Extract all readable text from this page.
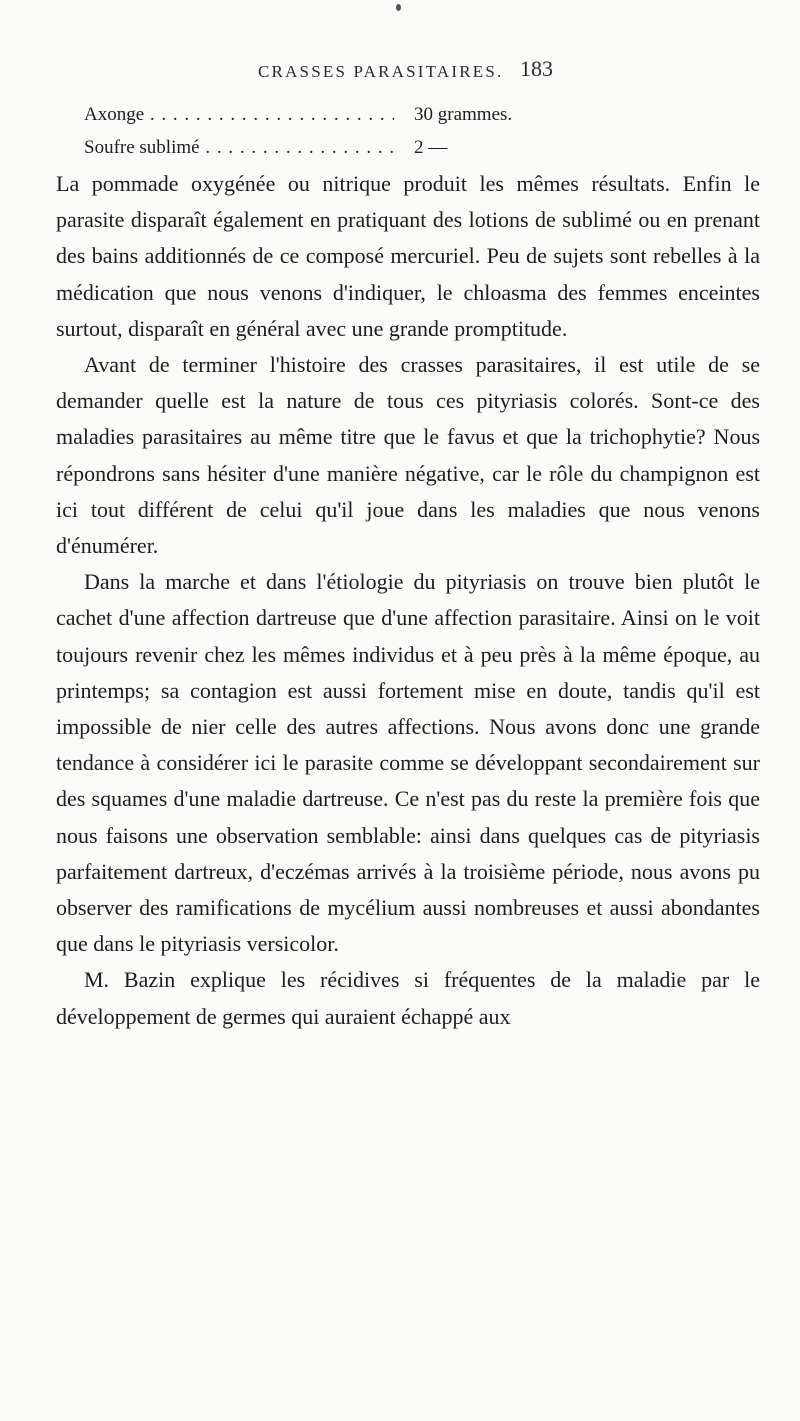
CRASSES PARASITAIRES. 183
Axonge . . .	30 grammes.
Soufre sublimé . . .	2 —

La pommade oxygénée ou nitrique produit les mêmes résultats. Enfin le parasite disparaît également en pratiquant des lotions de sublimé ou en prenant des bains additionnés de ce composé mercuriel. Peu de sujets sont rebelles à la médication que nous venons d'indiquer, le chloasma des femmes enceintes surtout, disparaît en général avec une grande promptitude.

Avant de terminer l'histoire des crasses parasitaires, il est utile de se demander quelle est la nature de tous ces pityriasis colorés. Sont-ce des maladies parasitaires au même titre que le favus et que la trichophytie? Nous répondrons sans hésiter d'une manière négative, car le rôle du champignon est ici tout différent de celui qu'il joue dans les maladies que nous venons d'énumérer.

Dans la marche et dans l'étiologie du pityriasis on trouve bien plutôt le cachet d'une affection dartreuse que d'une affection parasitaire. Ainsi on le voit toujours revenir chez les mêmes individus et à peu près à la même époque, au printemps; sa contagion est aussi fortement mise en doute, tandis qu'il est impossible de nier celle des autres affections. Nous avons donc une grande tendance à considérer ici le parasite comme se développant secondairement sur des squames d'une maladie dartreuse. Ce n'est pas du reste la première fois que nous faisons une observation semblable: ainsi dans quelques cas de pityriasis parfaitement dartreux, d'eczémas arrivés à la troisième période, nous avons pu observer des ramifications de mycélium aussi nombreuses et aussi abondantes que dans le pityriasis versicolor.

M. Bazin explique les récidives si fréquentes de la maladie par le développement de germes qui auraient échappé aux
